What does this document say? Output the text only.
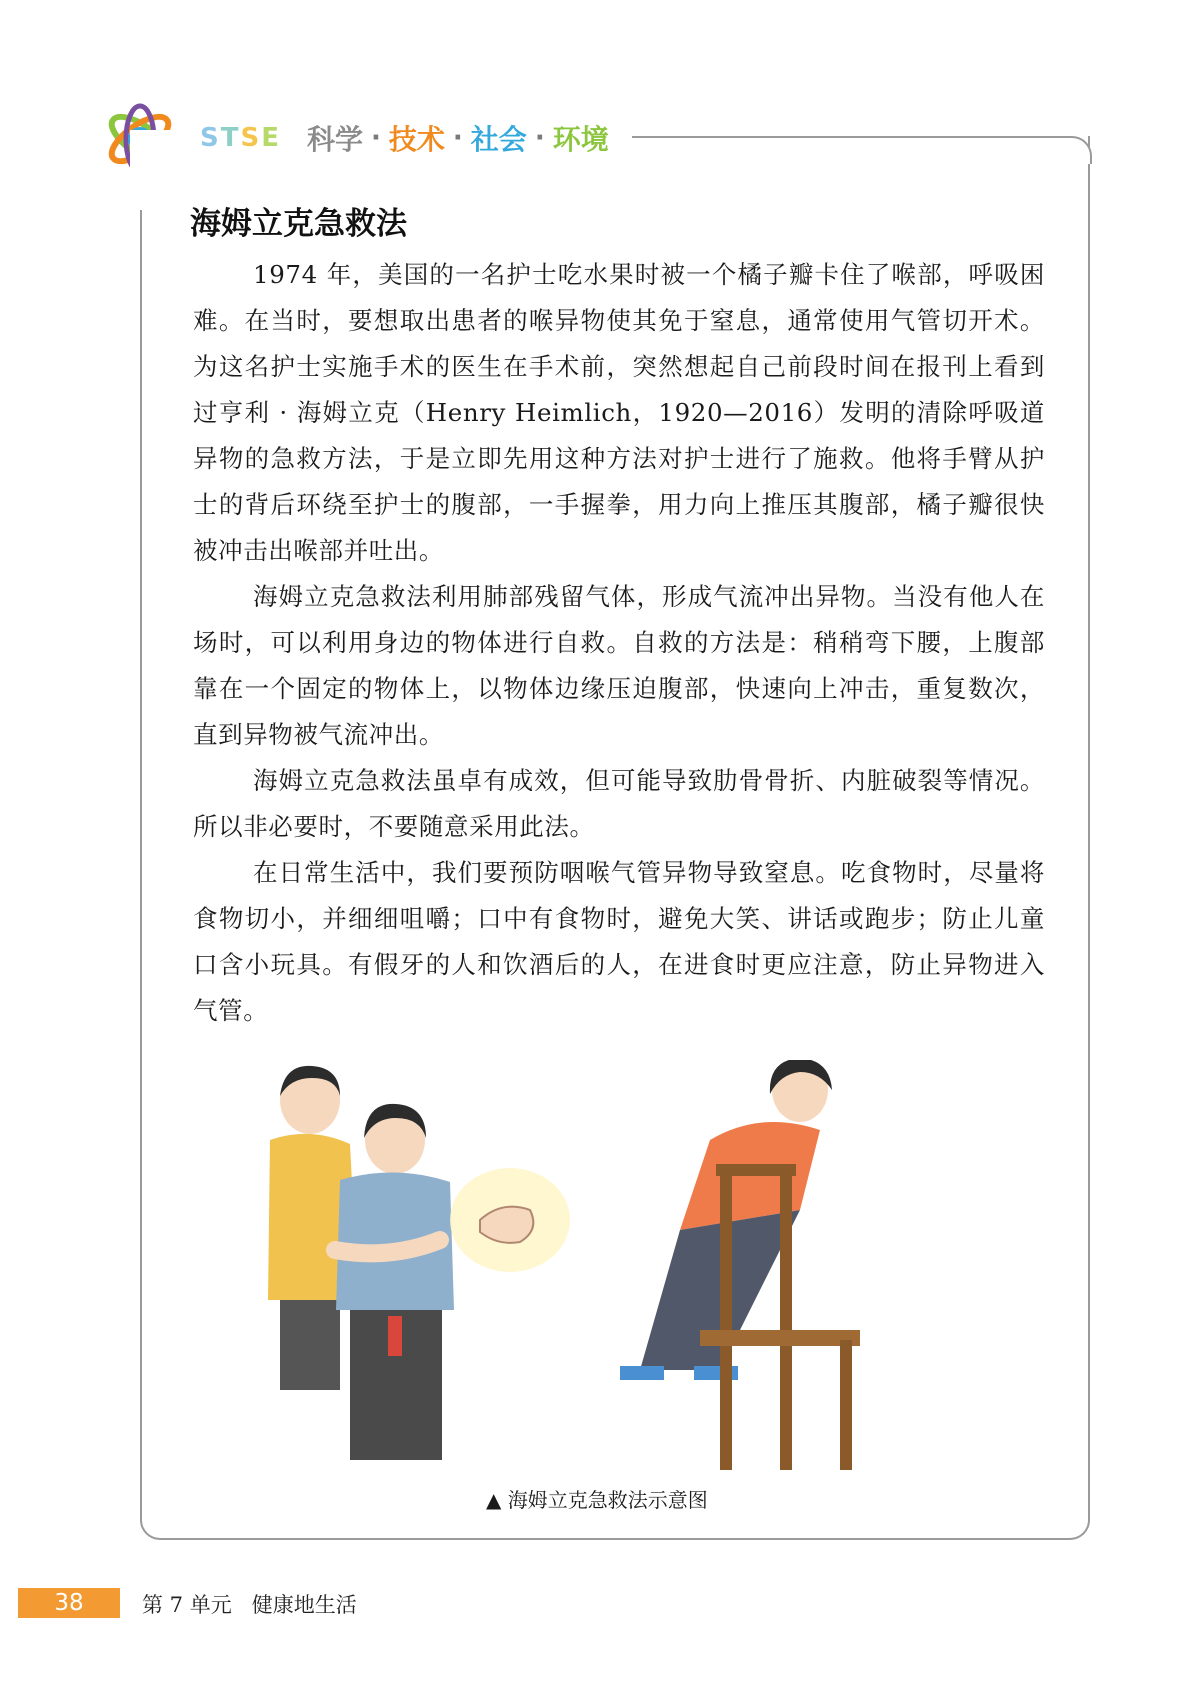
STSE 科学 · 技术 · 社会 · 环境
海姆立克急救法

1974 年，美国的一名护士吃水果时被一个橘子瓣卡住了喉部，呼吸困难。在当时，要想取出患者的喉异物使其免于窒息，通常使用气管切开术。为这名护士实施手术的医生在手术前，突然想起自己前段时间在报刊上看到过亨利 · 海姆立克（Henry Heimlich，1920—2016）发明的清除呼吸道异物的急救方法，于是立即先用这种方法对护士进行了施救。他将手臂从护士的背后环绕至护士的腹部，一手握拳，用力向上推压其腹部，橘子瓣很快被冲击出喉部并吐出。

海姆立克急救法利用肺部残留气体，形成气流冲出异物。当没有他人在场时，可以利用身边的物体进行自救。自救的方法是：稍稍弯下腰，上腹部靠在一个固定的物体上，以物体边缘压迫腹部，快速向上冲击，重复数次，直到异物被气流冲出。

海姆立克急救法虽卓有成效，但可能导致肋骨骨折、内脏破裂等情况。所以非必要时，不要随意采用此法。

在日常生活中，我们要预防咽喉气管异物导致窒息。吃食物时，尽量将食物切小，并细细咀嚼；口中有食物时，避免大笑、讲话或跑步；防止儿童口含小玩具。有假牙的人和饮酒后的人，在进食时更应注意，防止异物进入气管。

▲ 海姆立克急救法示意图
38	第 7 单元   健康地生活
